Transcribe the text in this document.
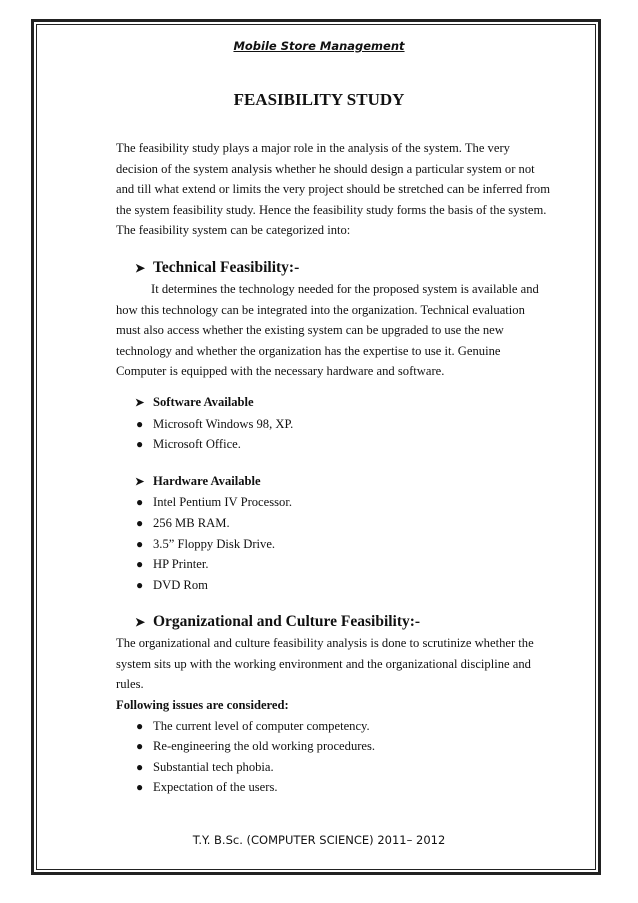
Mobile Store Management
FEASIBILITY STUDY

The feasibility study plays a major role in the analysis of the system. The very
decision of the system analysis whether he should design a particular system or not
and till what extend or limits the very project should be stretched can be inferred from
the system feasibility study. Hence the feasibility study forms the basis of the system.
The feasibility system can be categorized into:

➤ Technical Feasibility:-

It determines the technology needed for the proposed system is available and
how this technology can be integrated into the organization. Technical evaluation
must also access whether the existing system can be upgraded to use the new
technology and whether the organization has the expertise to use it. Genuine
Computer is equipped with the necessary hardware and software.

➤ Software Available
● Microsoft Windows 98, XP.
● Microsoft Office.
➤ Hardware Available
● Intel Pentium IV Processor.
● 256 MB RAM.
● 3.5” Floppy Disk Drive.
● HP Printer.
● DVD Rom
➤ Organizational and Culture Feasibility:-

The organizational and culture feasibility analysis is done to scrutinize whether the
system sits up with the working environment and the organizational discipline and
rules.
Following issues are considered:

● The current level of computer competency.
● Re-engineering the old working procedures.
● Substantial tech phobia.
● Expectation of the users.
T.Y. B.Sc. (COMPUTER SCIENCE) 2011– 2012
